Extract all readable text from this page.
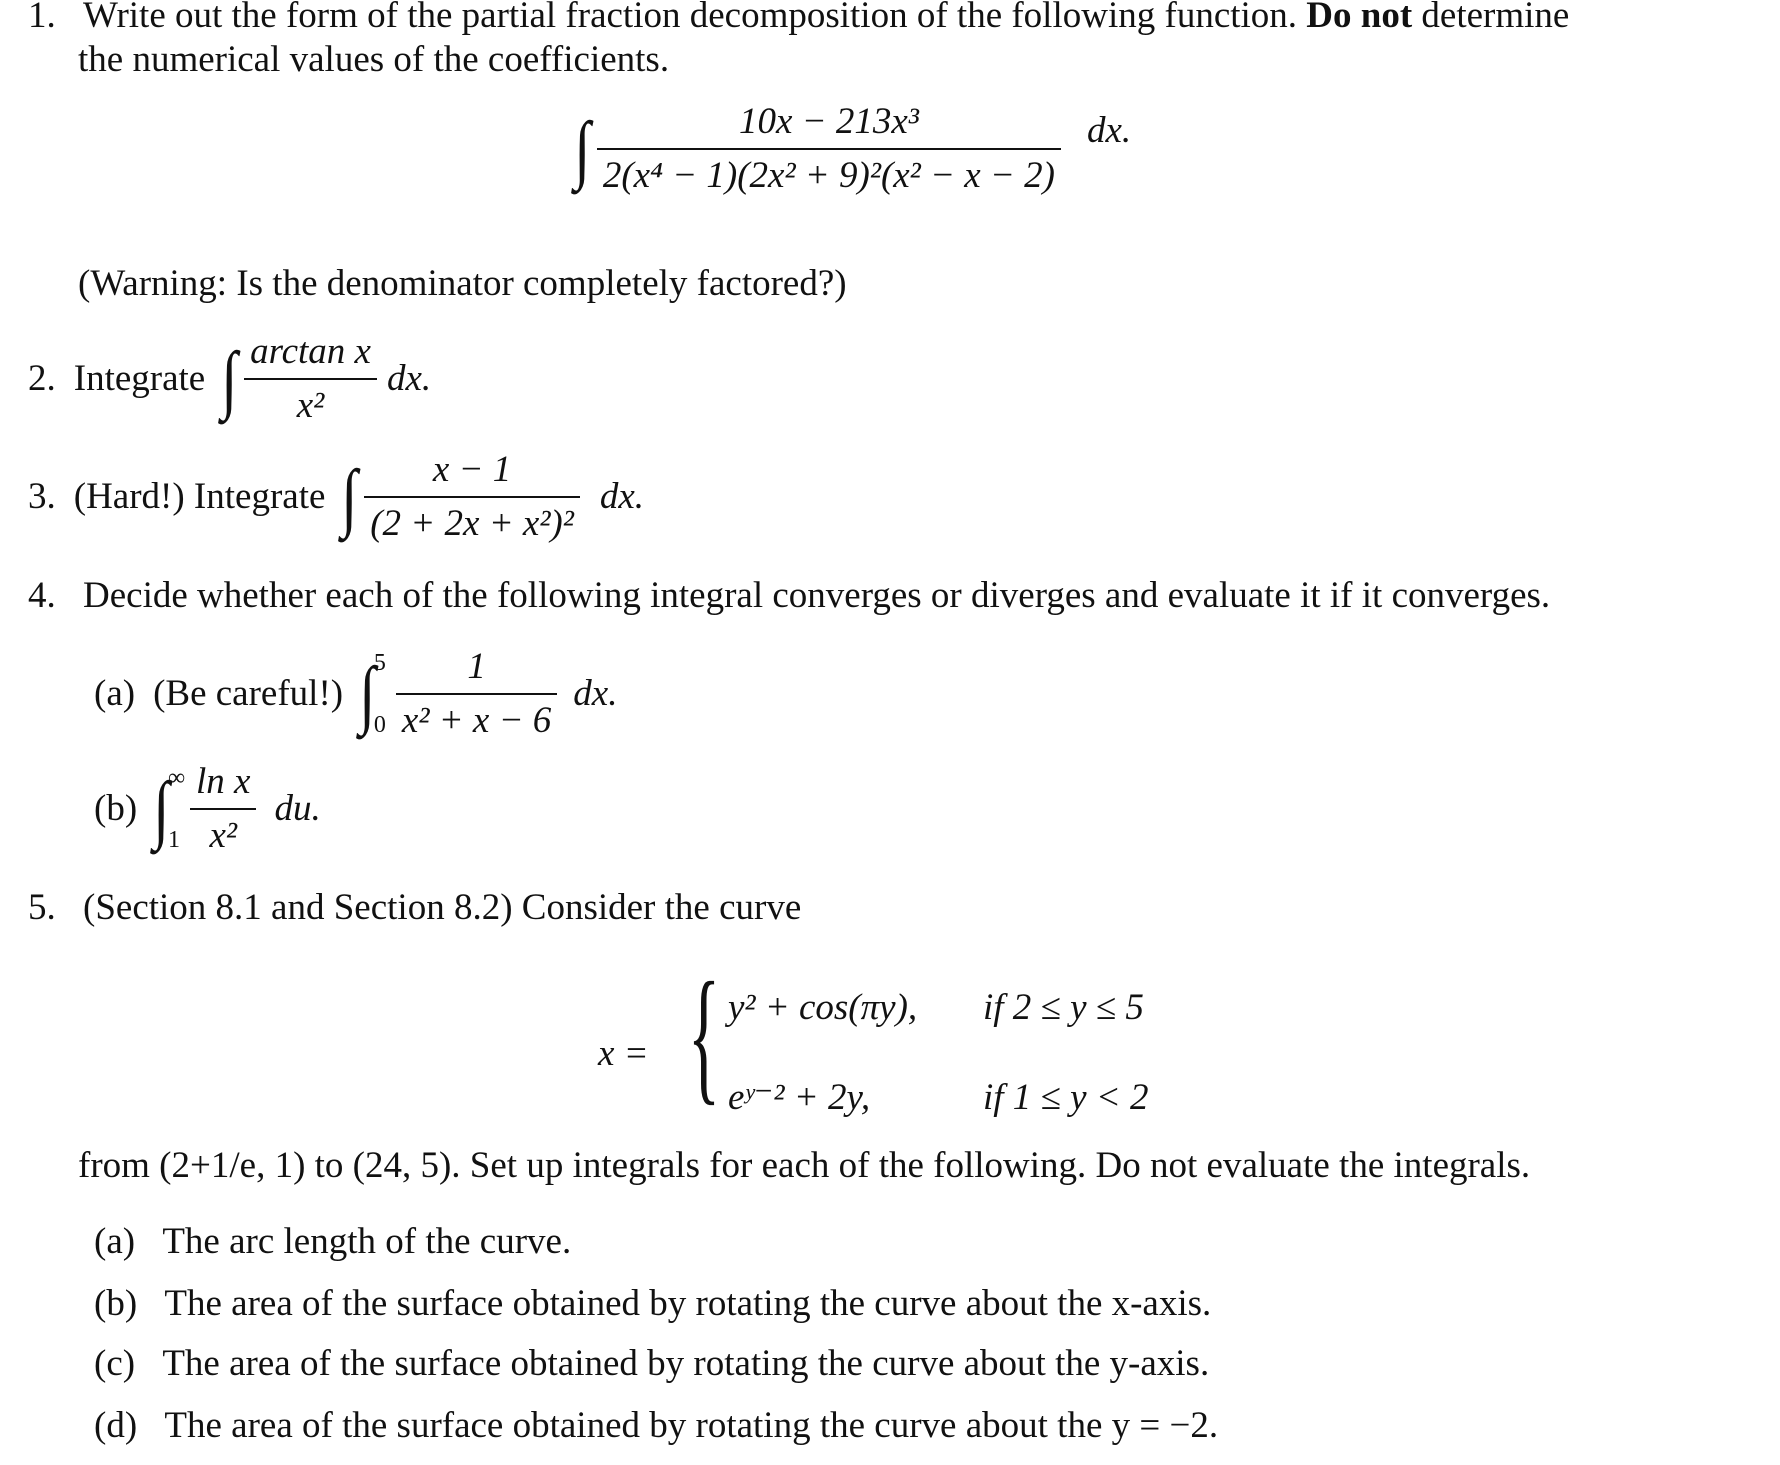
1. Write out the form of the partial fraction decomposition of the following function. Do not determine
the numerical values of the coefficients.
∫ $\frac{\text{10x − 213x³}}{\text{2(x⁴ − 1)(2x² + 9)²(x² − x − 2)}}$ dx.
(Warning: Is the denominator completely factored?)
2. Integrate ∫ $\frac{\text{arctan x}}{\text{x²}}$ dx.
3. (Hard!) Integrate ∫ $\frac{x - 1}{\text{(2 + 2x + x²)²}}$ dx.
4. Decide whether each of the following integral converges or diverges and evaluate it if it converges.
(a) (Be careful!) ∫
5
$0 \frac{1}{\text{x² + x − 6}}$ dx.
(b) ∫
∞
$1 \frac{\text{ln x}}{\text{x²}}$ du.
5. (Section 8.1 and Section 8.2) Consider the curve
x = { y² + cos(πy), if 2 ≤ y ≤ 5
eʸ⁻² + 2y,	if 1 ≤ y < 2
from (2+1/e, 1) to (24, 5). Set up integrals for each of the following. Do not evaluate the integrals.
(a) The arc length of the curve.
(b) The area of the surface obtained by rotating the curve about the x-axis.
(c) The area of the surface obtained by rotating the curve about the y-axis.
(d) The area of the surface obtained by rotating the curve about the y = −2.
